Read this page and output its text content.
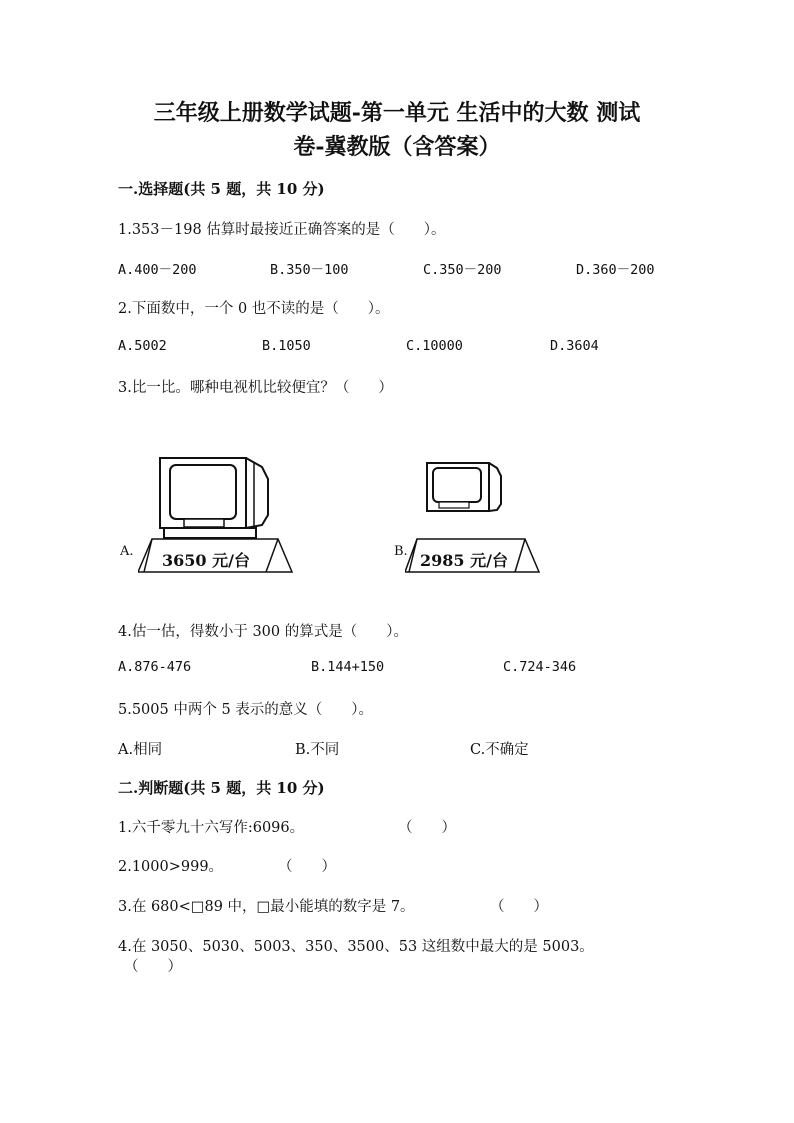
三年级上册数学试题-第一单元 生活中的大数 测试
卷-冀教版（含答案）
一.选择题(共 5 题，共 10 分)
1.353－198 估算时最接近正确答案的是（　　）。
A.400－200	B.350－100	C.350－200	D.360－200
2.下面数中，一个 0 也不读的是（　　）。
A.5002	B.1050	C.10000	D.3604
3.比一比。哪种电视机比较便宜？（　　）
A. 3650 元/台	B. 2985 元/台
4.估一估，得数小于 300 的算式是（　　）。
A.876-476	B.144+150	C.724-346
5.5005 中两个 5 表示的意义（　　）。
A.相同	B.不同	C.不确定
二.判断题(共 5 题，共 10 分)
1.六千零九十六写作:6096。	（　　）
2.1000>999。	（　　）
3.在 680<□89 中，□最小能填的数字是 7。	（　　）
4.在 3050、5030、5003、350、3500、53 这组数中最大的是 5003。
（　　）
